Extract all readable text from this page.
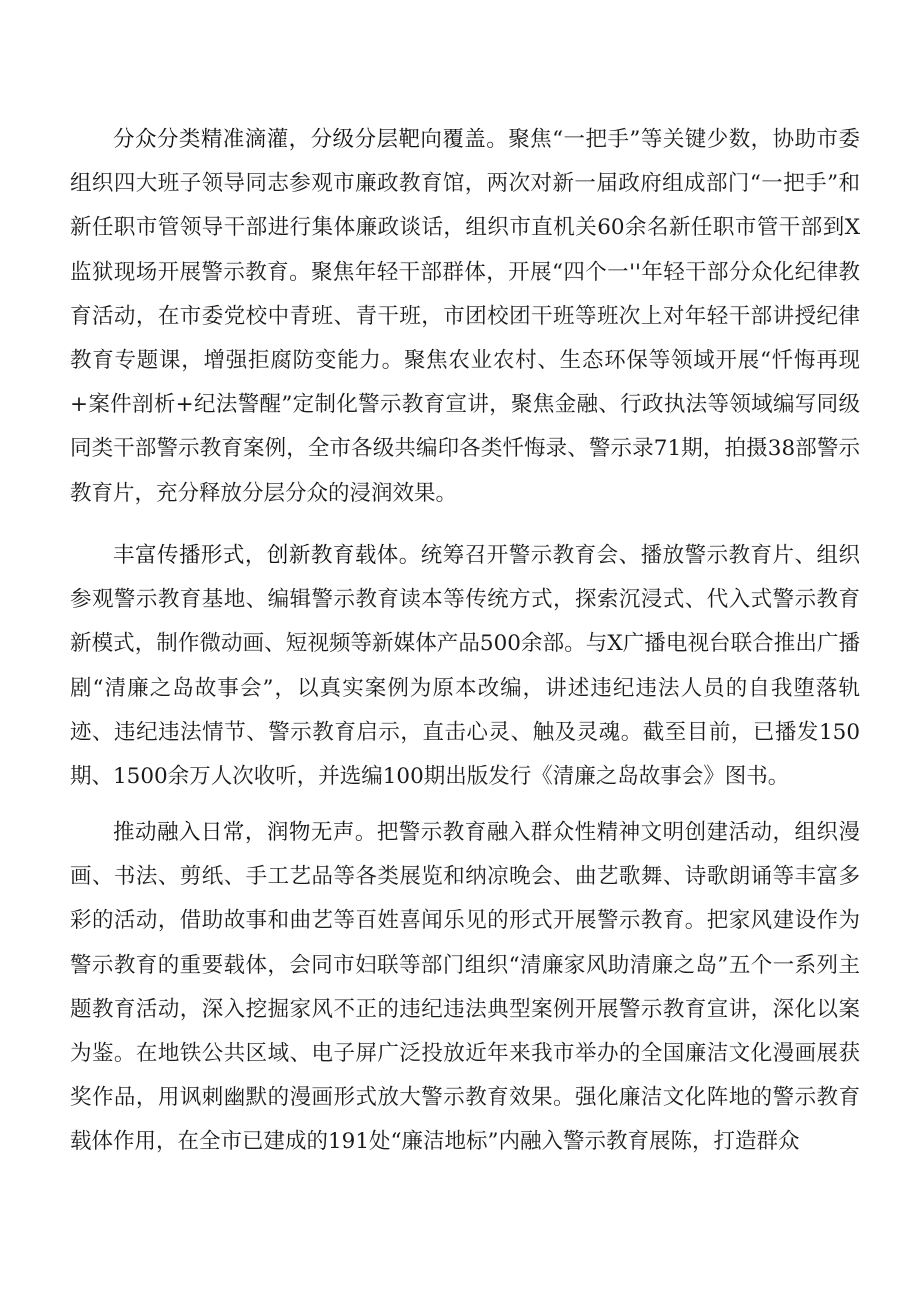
分众分类精准滴灌，分级分层靶向覆盖。聚焦“一把手”等关键少数，协助市委组织四大班子领导同志参观市廉政教育馆，两次对新一届政府组成部门“一把手”和新任职市管领导干部进行集体廉政谈话，组织市直机关60余名新任职市管干部到X监狱现场开展警示教育。聚焦年轻干部群体，开展“四个一''年轻干部分众化纪律教育活动，在市委党校中青班、青干班，市团校团干班等班次上对年轻干部讲授纪律教育专题课，增强拒腐防变能力。聚焦农业农村、生态环保等领域开展“忏悔再现+案件剖析+纪法警醒”定制化警示教育宣讲，聚焦金融、行政执法等领域编写同级同类干部警示教育案例，全市各级共编印各类忏悔录、警示录71期，拍摄38部警示教育片，充分释放分层分众的浸润效果。

丰富传播形式，创新教育载体。统筹召开警示教育会、播放警示教育片、组织参观警示教育基地、编辑警示教育读本等传统方式，探索沉浸式、代入式警示教育新模式，制作微动画、短视频等新媒体产品500余部。与X广播电视台联合推出广播剧“清廉之岛故事会”，以真实案例为原本改编，讲述违纪违法人员的自我堕落轨迹、违纪违法情节、警示教育启示，直击心灵、触及灵魂。截至目前，已播发150期、1500余万人次收听，并选编100期出版发行《清廉之岛故事会》图书。

推动融入日常，润物无声。把警示教育融入群众性精神文明创建活动，组织漫画、书法、剪纸、手工艺品等各类展览和纳凉晚会、曲艺歌舞、诗歌朗诵等丰富多彩的活动，借助故事和曲艺等百姓喜闻乐见的形式开展警示教育。把家风建设作为警示教育的重要载体，会同市妇联等部门组织“清廉家风助清廉之岛”五个一系列主题教育活动，深入挖掘家风不正的违纪违法典型案例开展警示教育宣讲，深化以案为鉴。在地铁公共区域、电子屏广泛投放近年来我市举办的全国廉洁文化漫画展获奖作品，用讽刺幽默的漫画形式放大警示教育效果。强化廉洁文化阵地的警示教育载体作用，在全市已建成的191处“廉洁地标”内融入警示教育展陈，打造群众
